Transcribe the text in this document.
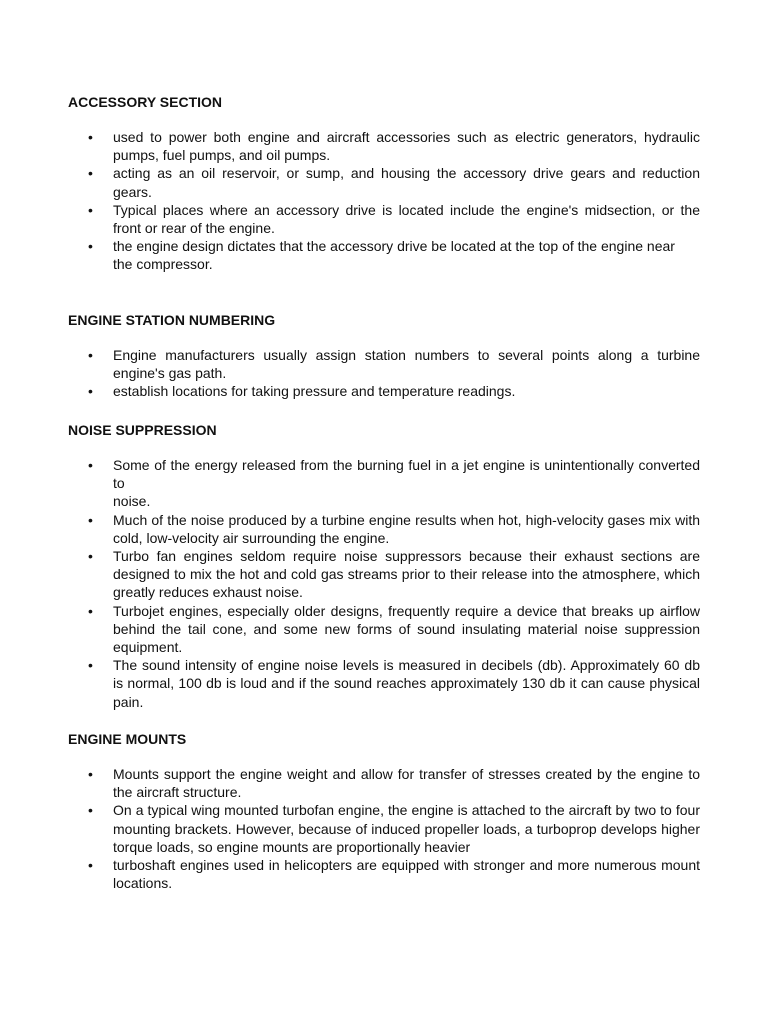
ACCESSORY SECTION
• used to power both engine and aircraft accessories such as electric generators, hydraulic pumps, fuel pumps, and oil pumps.
• acting as an oil reservoir, or sump, and housing the accessory drive gears and reduction gears.
• Typical places where an accessory drive is located include the engine's midsection, or the front or rear of the engine.
• the engine design dictates that the accessory drive be located at the top of the engine near
the compressor.
ENGINE STATION NUMBERING
• Engine manufacturers usually assign station numbers to several points along a turbine engine's gas path.
• establish locations for taking pressure and temperature readings.
NOISE SUPPRESSION
• Some of the energy released from the burning fuel in a jet engine is unintentionally converted to
noise.
• Much of the noise produced by a turbine engine results when hot, high-velocity gases mix with cold, low-velocity air surrounding the engine.
• Turbo fan engines seldom require noise suppressors because their exhaust sections are designed to mix the hot and cold gas streams prior to their release into the atmosphere, which greatly reduces exhaust noise.
• Turbojet engines, especially older designs, frequently require a device that breaks up airflow behind the tail cone, and some new forms of sound insulating material noise suppression equipment.
• The sound intensity of engine noise levels is measured in decibels (db). Approximately 60 db is normal, 100 db is loud and if the sound reaches approximately 130 db it can cause physical pain.
ENGINE MOUNTS
• Mounts support the engine weight and allow for transfer of stresses created by the engine to the aircraft structure.
• On a typical wing mounted turbofan engine, the engine is attached to the aircraft by two to four mounting brackets. However, because of induced propeller loads, a turboprop develops higher torque loads, so engine mounts are proportionally heavier
• turboshaft engines used in helicopters are equipped with stronger and more numerous mount locations.
